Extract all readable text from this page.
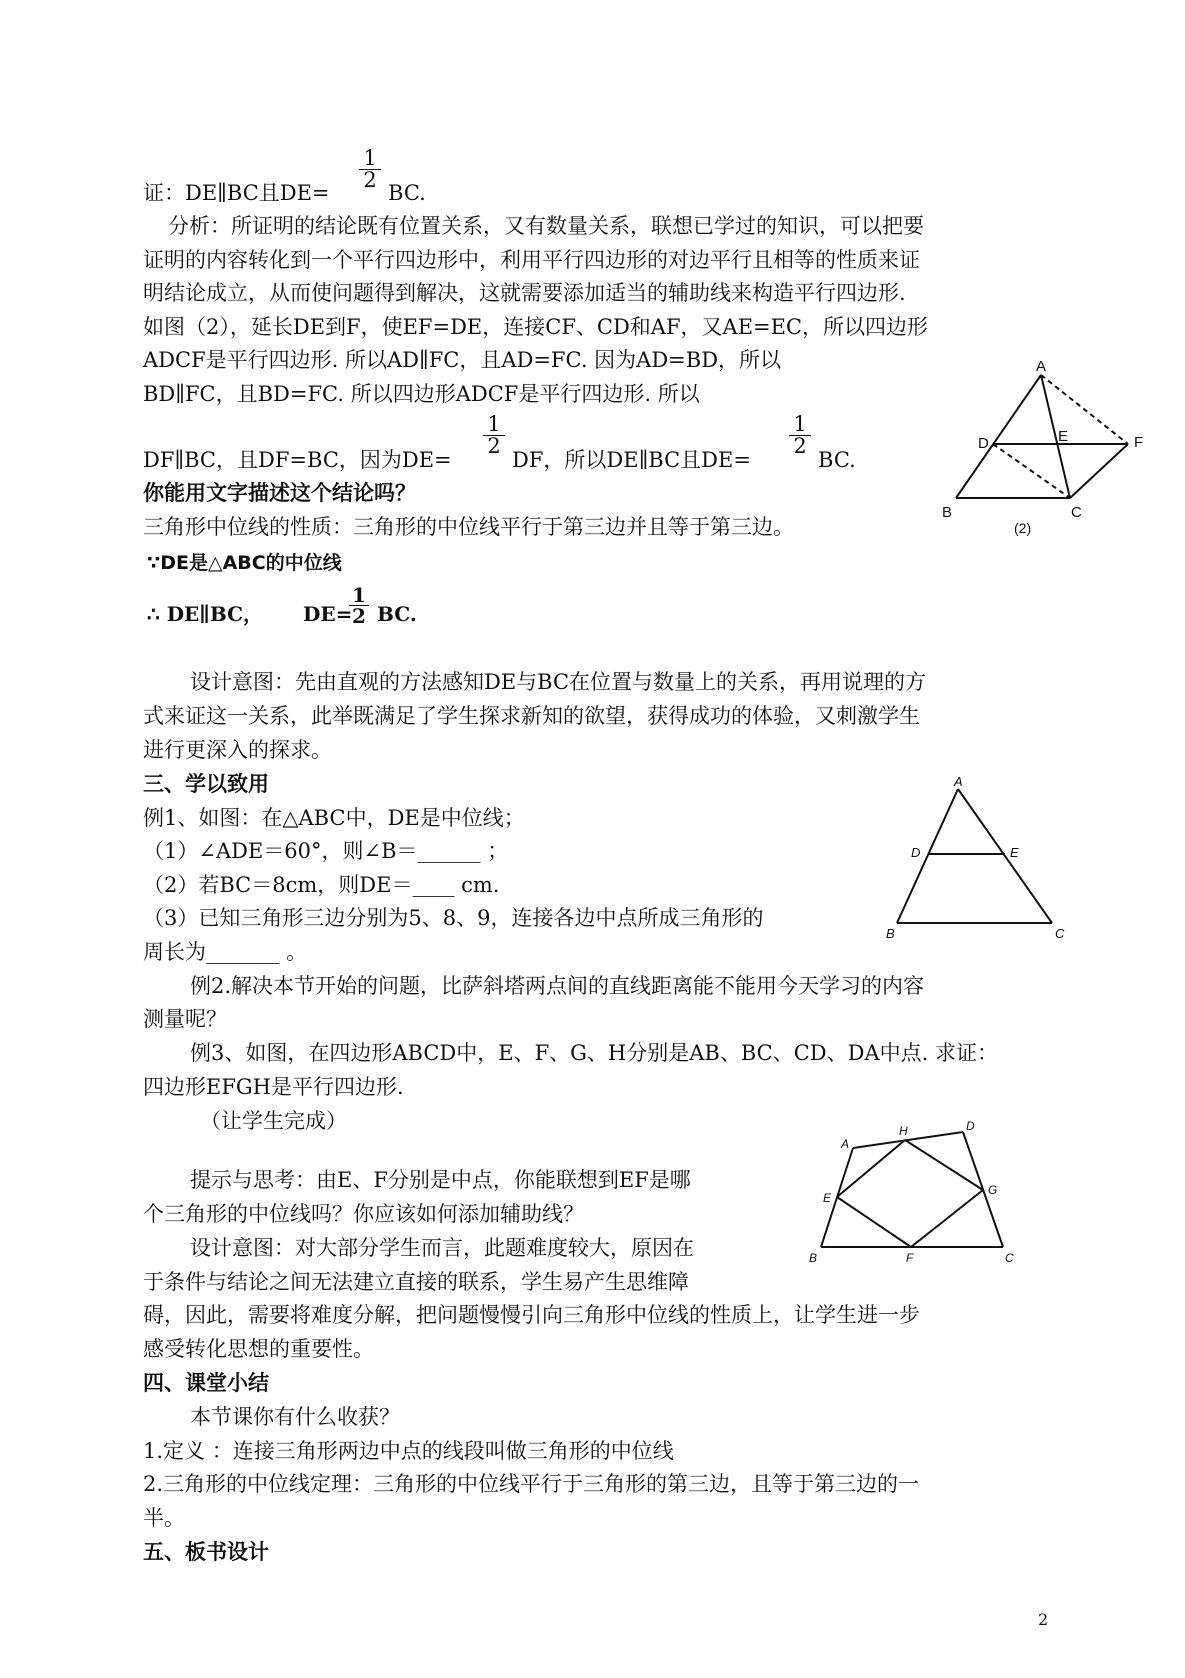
证：DE∥BC且DE=
$\frac{1}{2}$
BC.
分析：所证明的结论既有位置关系，又有数量关系，联想已学过的知识，可以把要
证明的内容转化到一个平行四边形中，利用平行四边形的对边平行且相等的性质来证
明结论成立，从而使问题得到解决，这就需要添加适当的辅助线来构造平行四边形.
如图（2），延长DE到F，使EF=DE，连接CF、CD和AF，又AE=EC，所以四边形
ADCF是平行四边形. 所以AD∥FC，且AD=FC. 因为AD=BD，所以
BD∥FC，且BD=FC. 所以四边形ADCF是平行四边形. 所以
DF∥BC，且DF=BC，因为DE=
$\frac{1}{2}$
DF，所以DE∥BC且DE=
$\frac{1}{2}$
BC.
A
D	E	F
B	C
(2)
你能用文字描述这个结论吗？
三角形中位线的性质：三角形的中位线平行于第三边并且等于第三边。
∵DE是△ABC的中位线
∴ DE∥BC， DE=
$\frac{1}{2}$ BC.
设计意图：先由直观的方法感知DE与BC在位置与数量上的关系，再用说理的方
式来证这一关系，此举既满足了学生探求新知的欲望，获得成功的体验，又刺激学生
进行更深入的探求。
三、学以致用
例1、如图：在△ABC中，DE是中位线；
（1）∠ADE＝60°，则∠B＝______ ；
（2）若BC＝8cm，则DE＝____ cm.
（3）已知三角形三边分别为5、8、9，连接各边中点所成三角形的
周长为_______ 。
A
D	E
B	C
例2.解决本节开始的问题，比萨斜塔两点间的直线距离能不能用今天学习的内容
测量呢？
例3、如图，在四边形ABCD中，E、F、G、H分别是AB、BC、CD、DA中点. 求证：
四边形EFGH是平行四边形.
（让学生完成）
提示与思考：由E、F分别是中点，你能联想到EF是哪
个三角形的中位线吗？你应该如何添加辅助线？
A
H	D
E
G
B	F	C
设计意图：对大部分学生而言，此题难度较大，原因在
于条件与结论之间无法建立直接的联系，学生易产生思维障
碍，因此，需要将难度分解，把问题慢慢引向三角形中位线的性质上，让学生进一步
感受转化思想的重要性。
四、课堂小结
本节课你有什么收获？
1.定义 ：连接三角形两边中点的线段叫做三角形的中位线
2.三角形的中位线定理：三角形的中位线平行于三角形的第三边，且等于第三边的一
半。
五、板书设计
2
